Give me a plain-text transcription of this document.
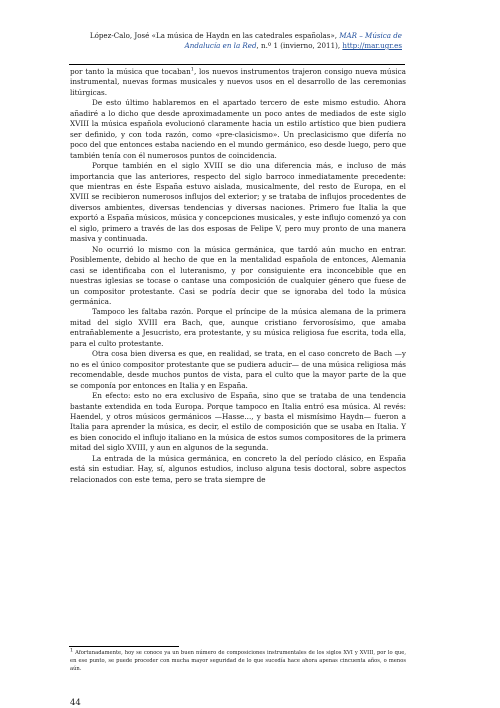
López-Calo, José «La música de Haydn en las catedrales españolas», MAR – Música de Andalucía en la Red, n.º 1 (invierno, 2011), http://mar.ugr.es

por tanto la música que tocaban$^1$, los nuevos instrumentos trajeron consigo nueva música instrumental, nuevas formas musicales y nuevos usos en el desarrollo de las ceremonias litúrgicas.

De esto último hablaremos en el apartado tercero de este mismo estudio. Ahora añadiré a lo dicho que desde aproximadamente un poco antes de mediados de este siglo XVIII la música española evolucionó claramente hacia un estilo artístico que bien pudiera ser definido, y con toda razón, como «pre-clasicismo». Un preclasicismo que difería no poco del que entonces estaba naciendo en el mundo germánico, eso desde luego, pero que también tenía con él numerosos puntos de coincidencia.

Porque también en el siglo XVIII se dio una diferencia más, e incluso de más importancia que las anteriores, respecto del siglo barroco inmediatamente precedente: que mientras en éste España estuvo aislada, musicalmente, del resto de Europa, en el XVIII se recibieron numerosos influjos del exterior; y se trataba de influjos procedentes de diversos ambientes, diversas tendencias y diversas naciones. Primero fue Italia la que exportó a España músicos, música y concepciones musicales, y este influjo comenzó ya con el siglo, primero a través de las dos esposas de Felipe V, pero muy pronto de una manera masiva y continuada.

No ocurrió lo mismo con la música germánica, que tardó aún mucho en entrar. Posiblemente, debido al hecho de que en la mentalidad española de entonces, Alemania casi se identificaba con el luteranismo, y por consiguiente era inconcebible que en nuestras iglesias se tocase o cantase una composición de cualquier género que fuese de un compositor protestante. Casi se podría decir que se ignoraba del todo la música germánica.

Tampoco les faltaba razón. Porque el príncipe de la música alemana de la primera mitad del siglo XVIII era Bach, que, aunque cristiano fervorosísimo, que amaba entrañablemente a Jesucristo, era protestante, y su música religiosa fue escrita, toda ella, para el culto protestante.

Otra cosa bien diversa es que, en realidad, se trata, en el caso concreto de Bach —y no es el único compositor protestante que se pudiera aducir— de una música religiosa más recomendable, desde muchos puntos de vista, para el culto que la mayor parte de la que se componía por entonces en Italia y en España.

En efecto: esto no era exclusivo de España, sino que se trataba de una tendencia bastante extendida en toda Europa. Porque tampoco en Italia entró esa música. Al revés: Haendel, y otros músicos germánicos —Hasse..., y basta el mismísimo Haydn— fueron a Italia para aprender la música, es decir, el estilo de composición que se usaba en Italia. Y es bien conocido el influjo italiano en la música de estos sumos compositores de la primera mitad del siglo XVIII, y aun en algunos de la segunda.

La entrada de la música germánica, en concreto la del período clásico, en España está sin estudiar. Hay, sí, algunos estudios, incluso alguna tesis doctoral, sobre aspectos relacionados con este tema, pero se trata siempre de

1 Afortunadamente, hoy se conoce ya un buen número de composiciones instrumentales de los siglos XVI y XVIII, por lo que, en ese punto, se puede proceder con mucha mayor seguridad de lo que sucedía hace ahora apenas cincuenta años, o menos aún.
44
